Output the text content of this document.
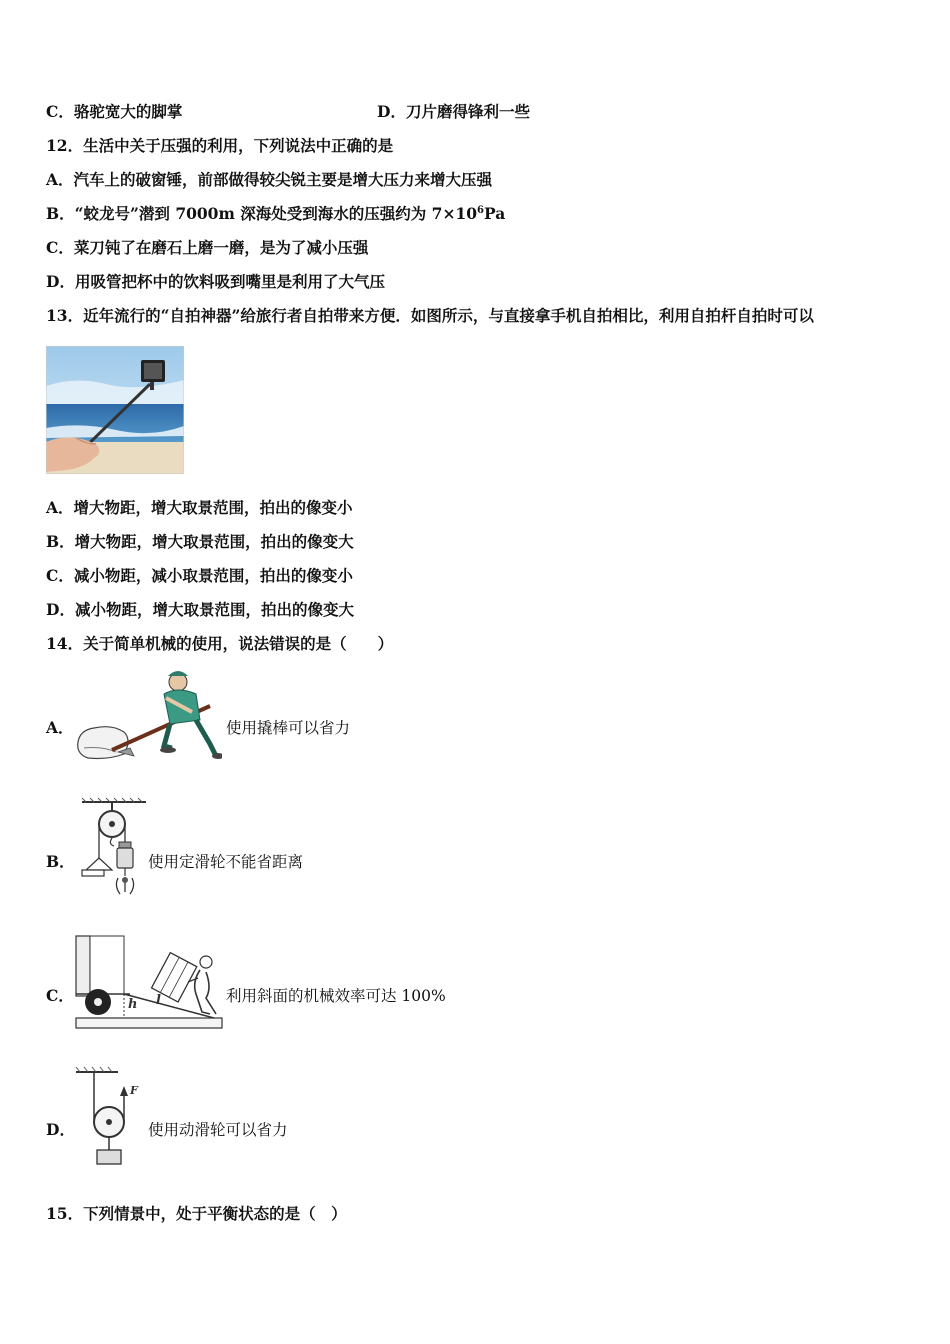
C．骆驼宽大的脚掌	D．刀片磨得锋利一些
12．生活中关于压强的利用，下列说法中正确的是
A．汽车上的破窗锤，前部做得较尖锐主要是增大压力来增大压强
B．“蛟龙号”潜到 7000m 深海处受到海水的压强约为 $7\times 10^6Pa$
C．菜刀钝了在磨石上磨一磨，是为了减小压强
D．用吸管把杯中的饮料吸到嘴里是利用了大气压
13．近年流行的“自拍神器”给旅行者自拍带来方便．如图所示，与直接拿手机自拍相比，利用自拍杆自拍时可以
A．增大物距，增大取景范围，拍出的像变小
B．增大物距，增大取景范围，拍出的像变大
C．减小物距，减小取景范围，拍出的像变小
D．减小物距，增大取景范围，拍出的像变大
14．关于简单机械的使用，说法错误的是（　　）
A．	使用撬棒可以省力
B．	使用定滑轮不能省距离
C．	h l	利用斜面的机械效率可达 100%
D．
F
使用动滑轮可以省力
15．下列情景中，处于平衡状态的是（　）
